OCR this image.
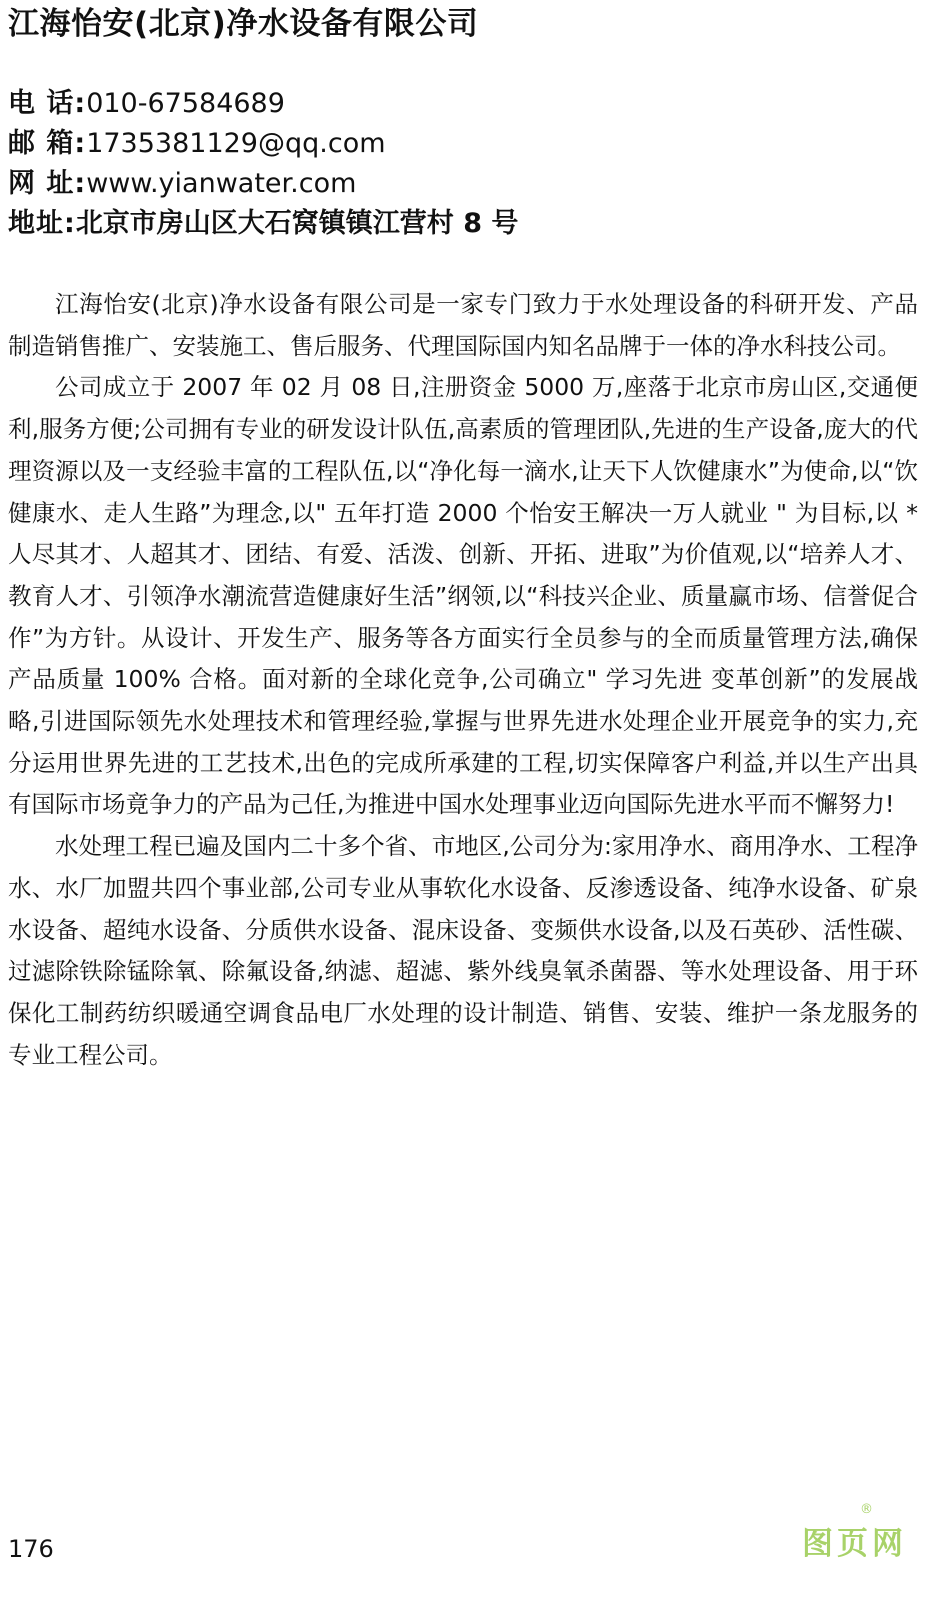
江海怡安(北京)净水设备有限公司
电 话:010-67584689
邮 箱:1735381129@qq.com
网 址:www.yianwater.com
地址:北京市房山区大石窝镇镇江营村 8 号

江海怡安(北京)净水设备有限公司是一家专门致力于水处理设备的科研开发、产品制造销售推广、安装施工、售后服务、代理国际国内知名品牌于一体的净水科技公司。

公司成立于 2007 年 02 月 08 日,注册资金 5000 万,座落于北京市房山区,交通便利,服务方便;公司拥有专业的研发设计队伍,高素质的管理团队,先进的生产设备,庞大的代理资源以及一支经验丰富的工程队伍,以“净化每一滴水,让天下人饮健康水”为使命,以“饮健康水、走人生路”为理念,以" 五年打造 2000 个怡安王解决一万人就业 " 为目标,以 * 人尽其才、人超其才、团结、有爱、活泼、创新、开拓、进取”为价值观,以“培养人才、教育人才、引领净水潮流营造健康好生活”纲领,以“科技兴企业、质量赢市场、信誉促合作”为方针。从设计、开发生产、服务等各方面实行全员参与的全而质量管理方法,确保产品质量 100% 合格。面对新的全球化竞争,公司确立" 学习先进 变革创新”的发展战略,引进国际领先水处理技术和管理经验,掌握与世界先进水处理企业开展竞争的实力,充分运用世界先进的工艺技术,出色的完成所承建的工程,切实保障客户利益,并以生产出具有国际市场竟争力的产品为己任,为推进中国水处理事业迈向国际先进水平而不懈努力!

水处理工程已遍及国内二十多个省、市地区,公司分为:家用净水、商用净水、工程净水、水厂加盟共四个事业部,公司专业从事软化水设备、反渗透设备、纯净水设备、矿泉水设备、超纯水设备、分质供水设备、混床设备、变频供水设备,以及石英砂、活性碳、过滤除铁除锰除氧、除氟设备,纳滤、超滤、紫外线臭氧杀菌器、等水处理设备、用于环保化工制药纺织暖通空调食品电厂水处理的设计制造、销售、安装、维护一条龙服务的专业工程公司。

176	图页网
®
